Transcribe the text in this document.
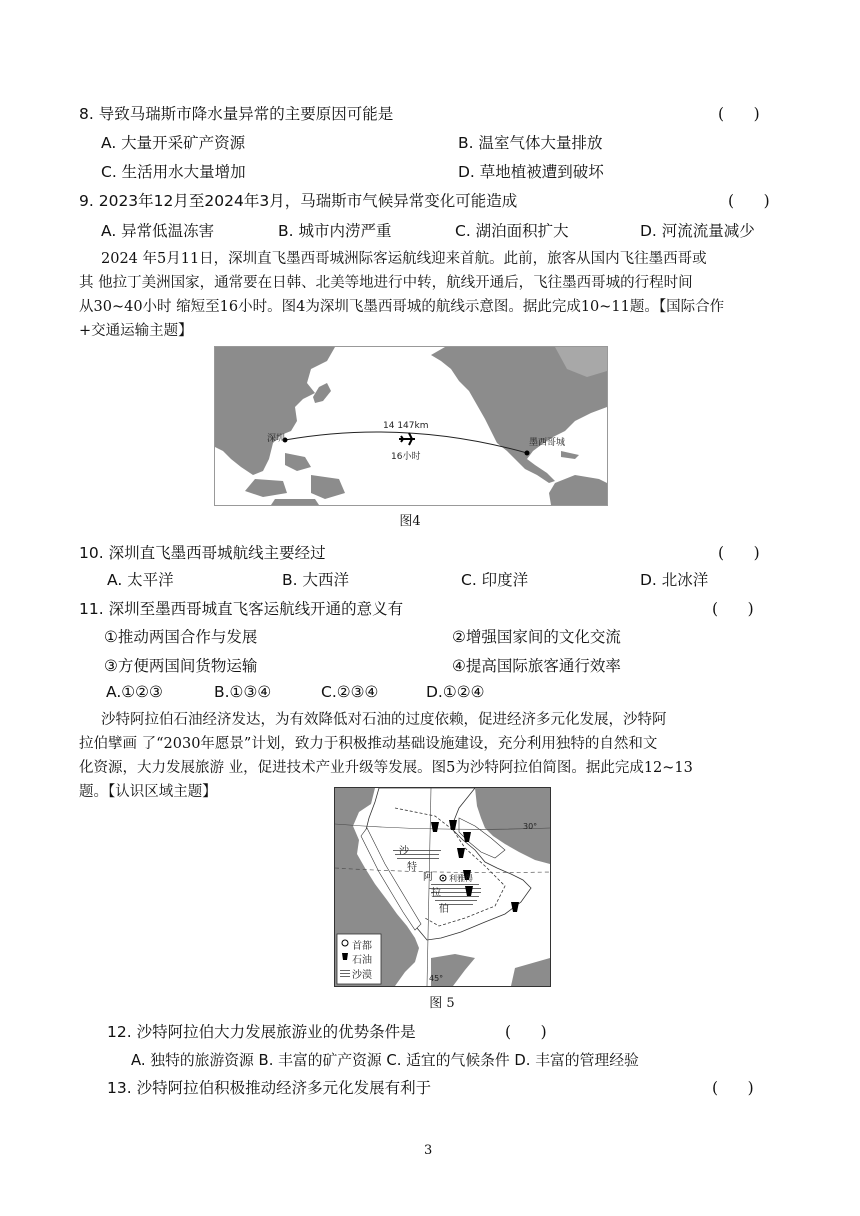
8. 导致马瑞斯市降水量异常的主要原因可能是	(      )
A. 大量开采矿产资源	B. 温室气体大量排放
C. 生活用水大量增加	D. 草地植被遭到破坏
9. 2023年12月至2024年3月，马瑞斯市气候异常变化可能造成	(      )
A. 异常低温冻害	B. 城市内涝严重	C. 湖泊面积扩大	D. 河流流量减少
2024 年5月11日，深圳直飞墨西哥城洲际客运航线迎来首航。此前，旅客从国内飞往墨西哥或
其 他拉丁美洲国家，通常要在日韩、北美等地进行中转，航线开通后，飞往墨西哥城的行程时间
从30~40小时 缩短至16小时。图4为深圳飞墨西哥城的航线示意图。据此完成10~11题。【国际合作
+交通运输主题】
深圳	墨西哥城
14 147km
16小时
图4
10. 深圳直飞墨西哥城航线主要经过	(      )
A. 太平洋	B. 大西洋	C. 印度洋	D. 北冰洋
11. 深圳至墨西哥城直飞客运航线开通的意义有	(      )
①推动两国合作与发展	②增强国家间的文化交流
③方便两国间货物运输	④提高国际旅客通行效率
A.①②③	B.①③④	C.②③④	D.①②④
沙特阿拉伯石油经济发达，为有效降低对石油的过度依赖，促进经济多元化发展，沙特阿
拉伯擘画 了“2030年愿景”计划，致力于积极推动基础设施建设，充分利用独特的自然和文
化资源，大力发展旅游 业，促进技术产业升级等发展。图5为沙特阿拉伯简图。据此完成12~13
题。【认识区域主题】
30°
45°
沙
特
阿
拉
伯
利雅得
阿拉伯海
首都
石油
沙漠
图 5
12. 沙特阿拉伯大力发展旅游业的优势条件是	(      )
A. 独特的旅游资源 B. 丰富的矿产资源 C. 适宜的气候条件 D. 丰富的管理经验
13. 沙特阿拉伯积极推动经济多元化发展有利于	(      )
3
